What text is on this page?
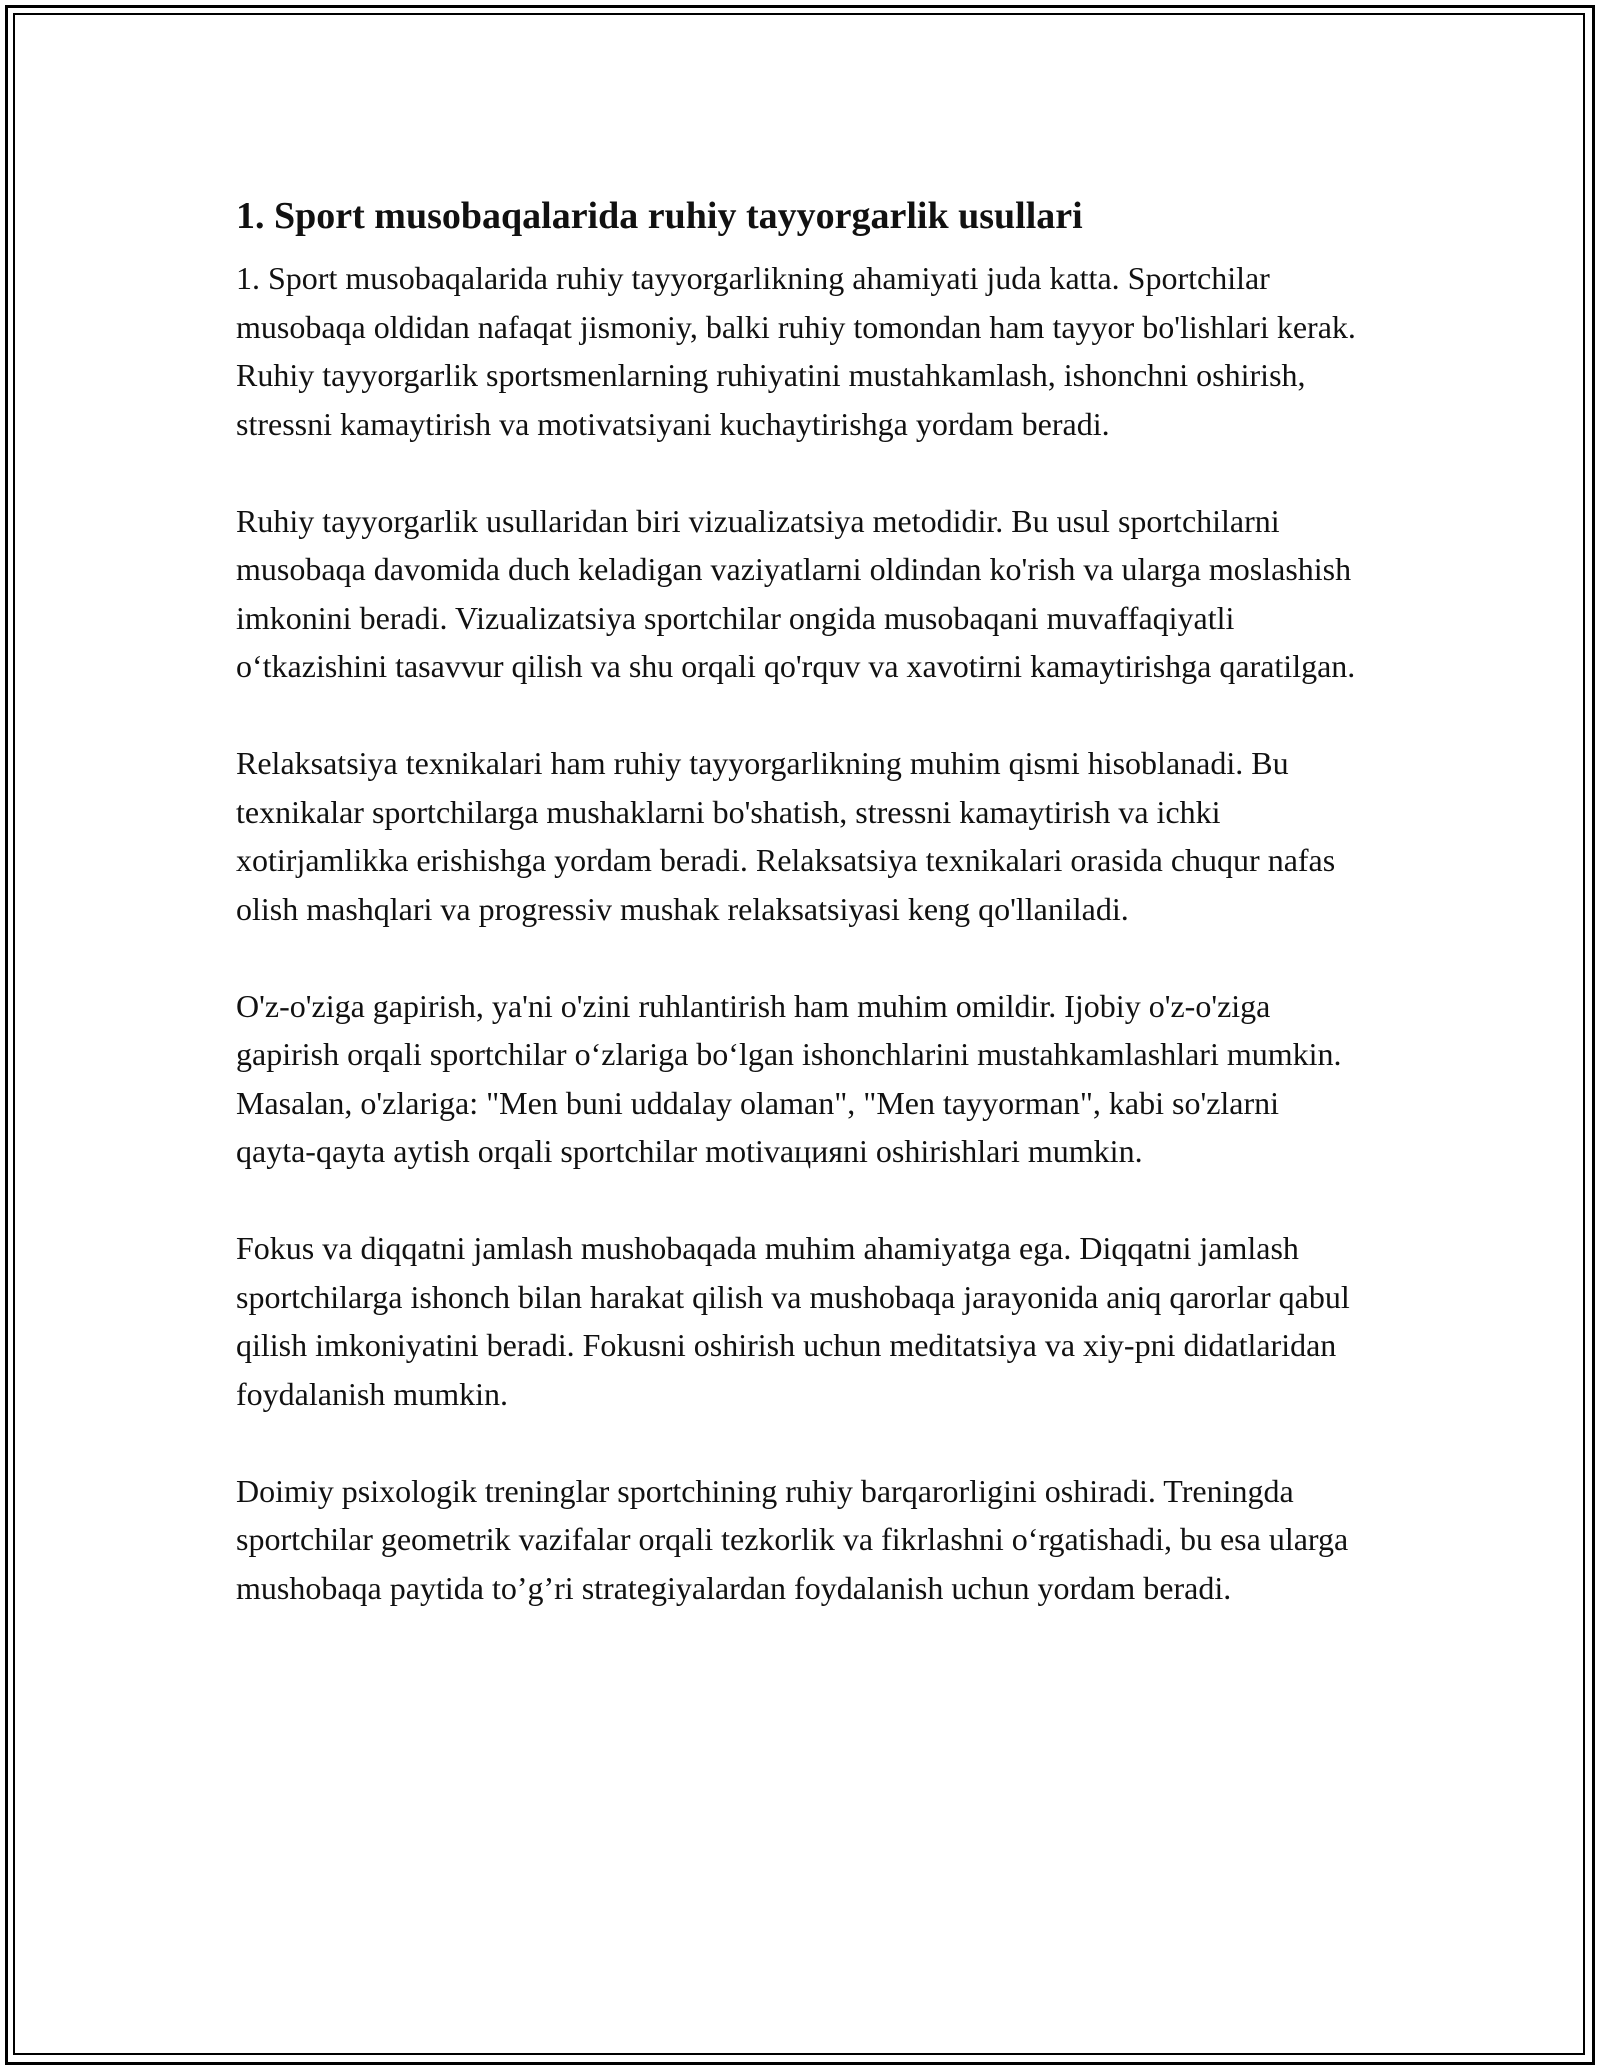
1. Sport musobaqalarida ruhiy tayyorgarlik usullari

1. Sport musobaqalarida ruhiy tayyorgarlikning ahamiyati juda katta. Sportchilar musobaqa oldidan nafaqat jismoniy, balki ruhiy tomondan ham tayyor bo'lishlari kerak. Ruhiy tayyorgarlik sportsmenlarning ruhiyatini mustahkamlash, ishonchni oshirish, stressni kamaytirish va motivatsiyani kuchaytirishga yordam beradi.

Ruhiy tayyorgarlik usullaridan biri vizualizatsiya metodidir. Bu usul sportchilarni musobaqa davomida duch keladigan vaziyatlarni oldindan ko'rish va ularga moslashish imkonini beradi. Vizualizatsiya sportchilar ongida musobaqani muvaffaqiyatli oʻtkazishini tasavvur qilish va shu orqali qo'rquv va xavotirni kamaytirishga qaratilgan.

Relaksatsiya texnikalari ham ruhiy tayyorgarlikning muhim qismi hisoblanadi. Bu texnikalar sportchilarga mushaklarni bo'shatish, stressni kamaytirish va ichki xotirjamlikka erishishga yordam beradi. Relaksatsiya texnikalari orasida chuqur nafas olish mashqlari va progressiv mushak relaksatsiyasi keng qo'llaniladi.

O'z-o'ziga gapirish, ya'ni o'zini ruhlantirish ham muhim omildir. Ijobiy o'z-o'ziga gapirish orqali sportchilar oʻzlariga boʻlgan ishonchlarini mustahkamlashlari mumkin. Masalan, o'zlariga: "Men buni uddalay olaman", "Men tayyorman", kabi so'zlarni qayta-qayta aytish orqali sportchilar motivацияni oshirishlari mumkin.

Fokus va diqqatni jamlash mushobaqada muhim ahamiyatga ega. Diqqatni jamlash sportchilarga ishonch bilan harakat qilish va mushobaqa jarayonida aniq qarorlar qabul qilish imkoniyatini beradi. Fokusni oshirish uchun meditatsiya va xiy-pni didatlaridan foydalanish mumkin.

Doimiy psixologik treninglar sportchining ruhiy barqarorligini oshiradi. Treningda sportchilar geometrik vazifalar orqali tezkorlik va fikrlashni oʻrgatishadi, bu esa ularga mushobaqa paytida to’g’ri strategiyalardan foydalanish uchun yordam beradi.
